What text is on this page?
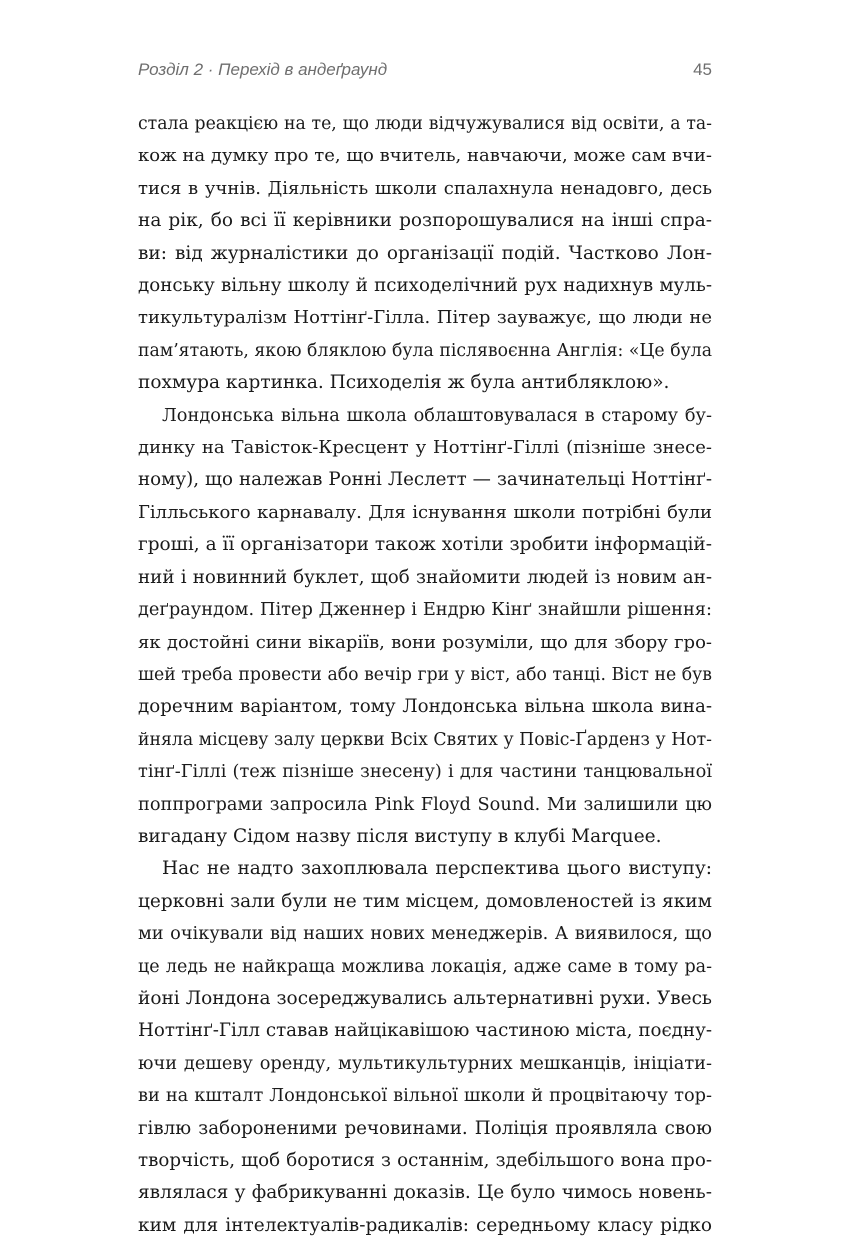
Розділ 2 · Перехід в андеґраунд	45

стала реакцією на те, що люди відчужувалися від освіти, а та-
кож на думку про те, що вчитель, навчаючи, може сам вчи-
тися в учнів. Діяльність школи спалахнула ненадовго, десь
на рік, бо всі її керівники розпорошувалися на інші спра-
ви: від журналістики до організації подій. Частково Лон-
донську вільну школу й психоделічний рух надихнув муль-
тикультуралізм Ноттінґ-Гілла. Пітер зауважує, що люди не
пам’ятають, якою бляклою була післявоєнна Англія: «Це була
похмура картинка. Психоделія ж була антибляклою».

Лондонська вільна школа облаштовувалася в старому бу-
динку на Тавісток-Кресцент у Ноттінґ-Гіллі (пізніше знесе-
ному), що належав Ронні Леслетт — зачинательці Ноттінґ-
Гілльського карнавалу. Для існування школи потрібні були
гроші, а її організатори також хотіли зробити інформацій-
ний і новинний буклет, щоб знайомити людей із новим ан-
деґраундом. Пітер Дженнер і Ендрю Кінґ знайшли рішення:
як достойні сини вікаріїв, вони розуміли, що для збору гро-
шей треба провести або вечір гри у віст, або танці. Віст не був
доречним варіантом, тому Лондонська вільна школа вина-
йняла місцеву залу церкви Всіх Святих у Повіс-Ґарденз у Нот-
тінґ-Гіллі (теж пізніше знесену) і для частини танцювальної
поппрограми запросила Pink Floyd Sound. Ми залишили цю
вигадану Сідом назву після виступу в клубі Marquee.

Нас не надто захоплювала перспектива цього виступу:
церковні зали були не тим місцем, домовленостей із яким
ми очікували від наших нових менеджерів. А виявилося, що
це ледь не найкраща можлива локація, адже саме в тому ра-
йоні Лондона зосереджувались альтернативні рухи. Увесь
Ноттінґ-Гілл ставав найцікавішою частиною міста, поєдну-
ючи дешеву оренду, мультикультурних мешканців, ініціати-
ви на кшталт Лондонської вільної школи й процвітаючу тор-
гівлю забороненими речовинами. Поліція проявляла свою
творчість, щоб боротися з останнім, здебільшого вона про-
являлася у фабрикуванні доказів. Це було чимось новень-
ким для інтелектуалів-радикалів: середньому класу рідко
